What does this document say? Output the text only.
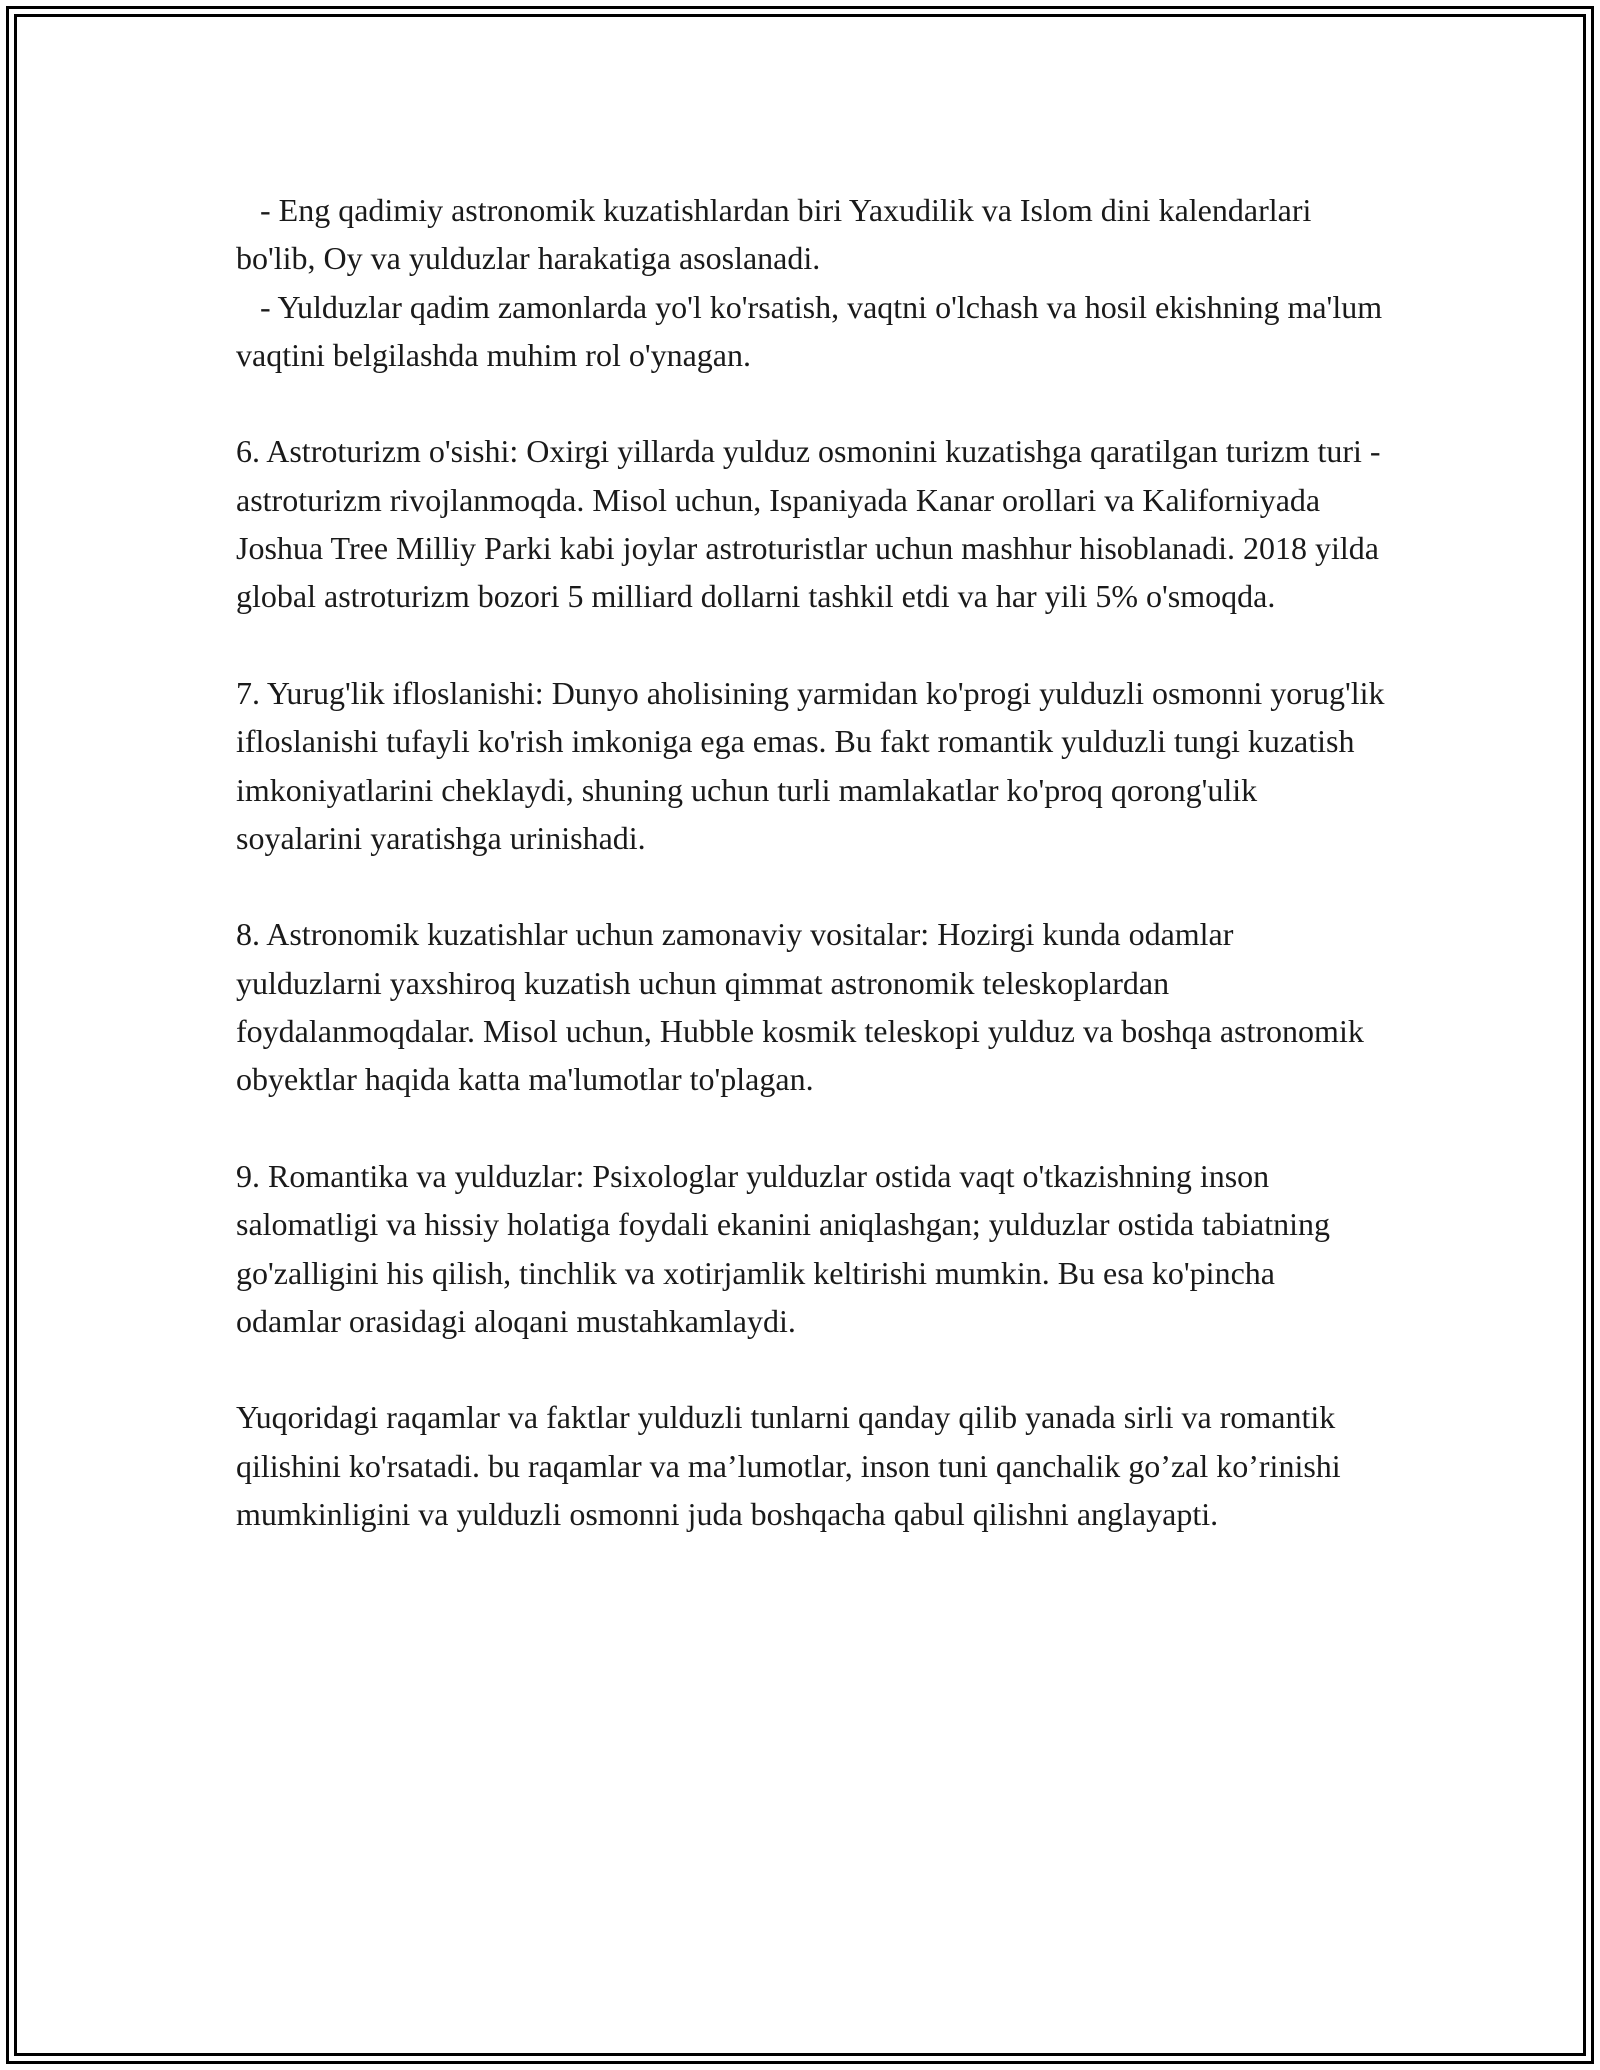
- Eng qadimiy astronomik kuzatishlardan biri Yaxudilik va Islom dini kalendarlari bo'lib, Oy va yulduzlar harakatiga asoslanadi.

- Yulduzlar qadim zamonlarda yo'l ko'rsatish, vaqtni o'lchash va hosil ekishning ma'lum vaqtini belgilashda muhim rol o'ynagan.

6. Astroturizm o'sishi: Oxirgi yillarda yulduz osmonini kuzatishga qaratilgan turizm turi - astroturizm rivojlanmoqda. Misol uchun, Ispaniyada Kanar orollari va Kaliforniyada Joshua Tree Milliy Parki kabi joylar astroturistlar uchun mashhur hisoblanadi. 2018 yilda global astroturizm bozori 5 milliard dollarni tashkil etdi va har yili 5% o'smoqda.

7. Yurug'lik ifloslanishi: Dunyo aholisining yarmidan ko'progi yulduzli osmonni yorug'lik ifloslanishi tufayli ko'rish imkoniga ega emas. Bu fakt romantik yulduzli tungi kuzatish imkoniyatlarini cheklaydi, shuning uchun turli mamlakatlar ko'proq qorong'ulik soyalarini yaratishga urinishadi.

8. Astronomik kuzatishlar uchun zamonaviy vositalar: Hozirgi kunda odamlar yulduzlarni yaxshiroq kuzatish uchun qimmat astronomik teleskoplardan foydalanmoqdalar. Misol uchun, Hubble kosmik teleskopi yulduz va boshqa astronomik obyektlar haqida katta ma'lumotlar to'plagan.

9. Romantika va yulduzlar: Psixologlar yulduzlar ostida vaqt o'tkazishning inson salomatligi va hissiy holatiga foydali ekanini aniqlashgan; yulduzlar ostida tabiatning go'zalligini his qilish, tinchlik va xotirjamlik keltirishi mumkin. Bu esa ko'pincha odamlar orasidagi aloqani mustahkamlaydi.

Yuqoridagi raqamlar va faktlar yulduzli tunlarni qanday qilib yanada sirli va romantik qilishini ko'rsatadi. bu raqamlar va ma’lumotlar, inson tuni qanchalik go’zal ko’rinishi mumkinligini va yulduzli osmonni juda boshqacha qabul qilishni anglayapti.
